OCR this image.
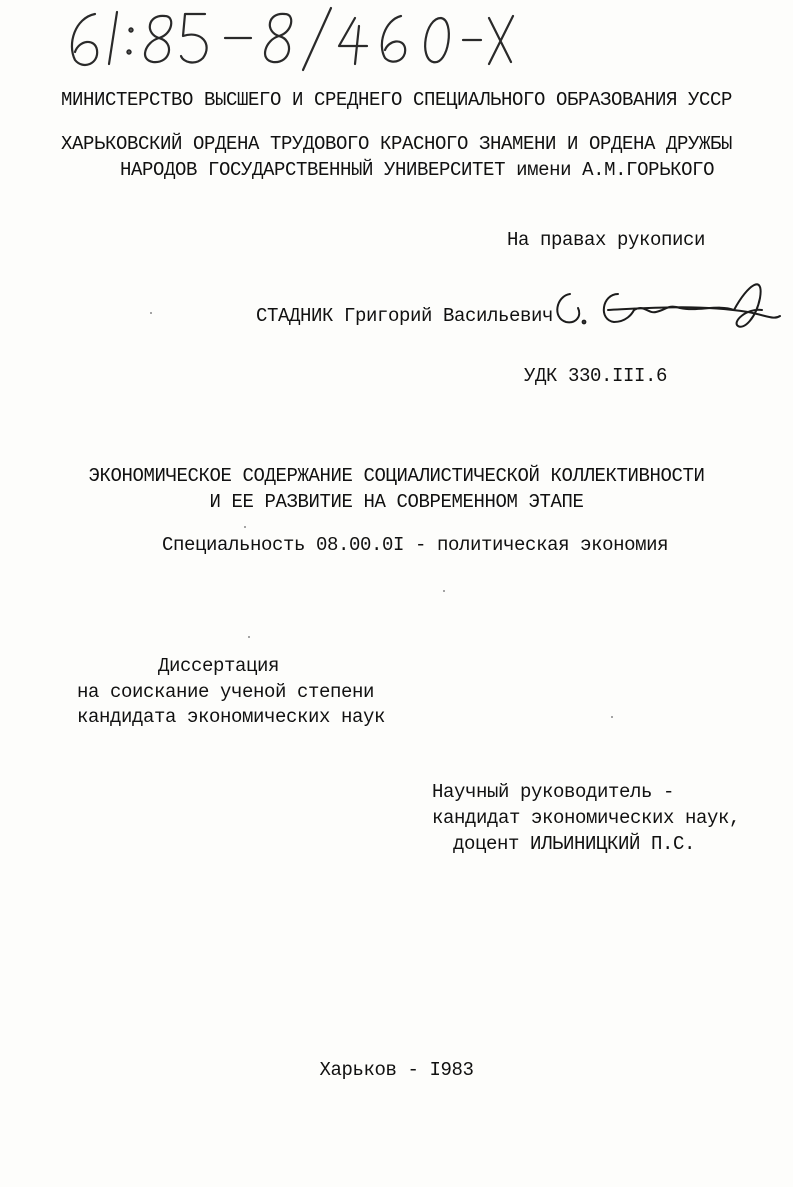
МИНИСТЕРСТВО ВЫСШЕГО И СРЕДНЕГО СПЕЦИАЛЬНОГО ОБРАЗОВАНИЯ УССР
ХАРЬКОВСКИЙ ОРДЕНА ТРУДОВОГО КРАСНОГО ЗНАМЕНИ И ОРДЕНА ДРУЖБЫ
НАРОДОВ ГОСУДАРСТВЕННЫЙ УНИВЕРСИТЕТ имени А.М.ГОРЬКОГО
На правах рукописи
СТАДНИК Григорий Васильевич
УДК 330.III.6
ЭКОНОМИЧЕСКОЕ СОДЕРЖАНИЕ СОЦИАЛИСТИЧЕСКОЙ КОЛЛЕКТИВНОСТИ
И ЕЕ РАЗВИТИЕ НА СОВРЕМЕННОМ ЭТАПЕ
Специальность 08.00.0I - политическая экономия
Диссертация
на соискание ученой степени
кандидата экономических наук
Научный руководитель -
кандидат экономических наук,
доцент ИЛЬИНИЦКИЙ П.С.
Харьков - I983
